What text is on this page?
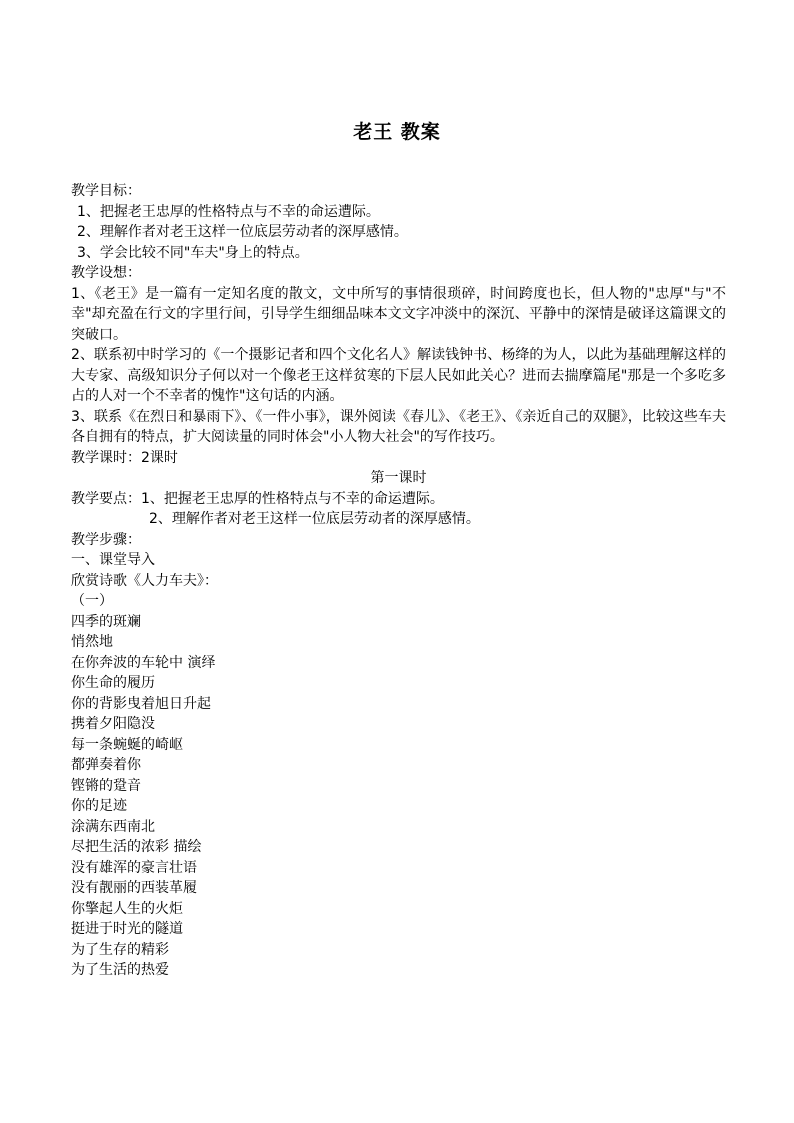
老王 教案
教学目标：
1、把握老王忠厚的性格特点与不幸的命运遭际。
2、理解作者对老王这样一位底层劳动者的深厚感情。
3、学会比较不同"车夫"身上的特点。
教学设想：
1、《老王》是一篇有一定知名度的散文，文中所写的事情很琐碎，时间跨度也长，但人物的"忠厚"与"不幸"却充盈在行文的字里行间，引导学生细细品味本文文字冲淡中的深沉、平静中的深情是破译这篇课文的突破口。
2、联系初中时学习的《一个摄影记者和四个文化名人》解读钱钟书、杨绛的为人，以此为基础理解这样的大专家、高级知识分子何以对一个像老王这样贫寒的下层人民如此关心？进而去揣摩篇尾"那是一个多吃多占的人对一个不幸者的愧怍"这句话的内涵。
3、联系《在烈日和暴雨下》、《一件小事》，课外阅读《春儿》、《老王》、《亲近自己的双腿》，比较这些车夫各自拥有的特点，扩大阅读量的同时体会"小人物大社会"的写作技巧。
教学课时：2课时
第一课时
教学要点：1、把握老王忠厚的性格特点与不幸的命运遭际。
2、理解作者对老王这样一位底层劳动者的深厚感情。
教学步骤：
一、课堂导入
欣赏诗歌《人力车夫》：
（一）
四季的斑斓
悄然地
在你奔波的车轮中 演绎
你生命的履历
你的背影曳着旭日升起
携着夕阳隐没
每一条蜿蜒的崎岖
都弹奏着你
铿锵的跫音
你的足迹
涂满东西南北
尽把生活的浓彩 描绘
没有雄浑的豪言壮语
没有靓丽的西装革履
你擎起人生的火炬
挺进于时光的隧道
为了生存的精彩
为了生活的热爱
